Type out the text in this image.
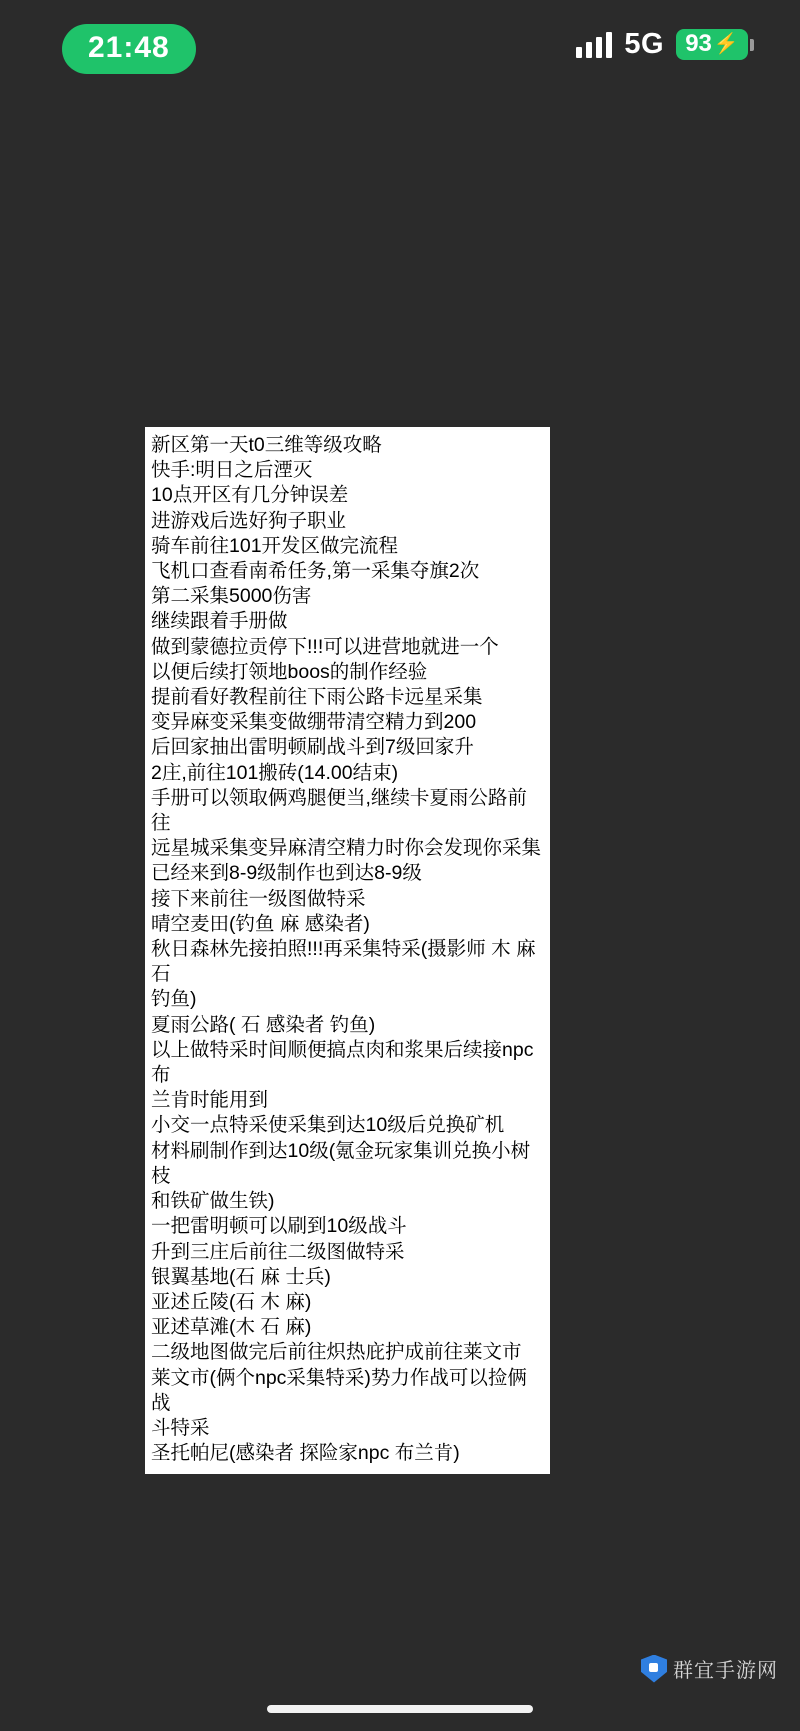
21:48	5G 93 ⚡
新区第一天t0三维等级攻略
快手:明日之后湮灭
10点开区有几分钟误差
进游戏后选好狗子职业
骑车前往101开发区做完流程
飞机口查看南希任务,第一采集夺旗2次
第二采集5000伤害
继续跟着手册做
做到蒙德拉贡停下!!!可以进营地就进一个
以便后续打领地boos的制作经验
提前看好教程前往下雨公路卡远星采集
变异麻变采集变做绷带清空精力到200
后回家抽出雷明顿刷战斗到7级回家升
2庄,前往101搬砖(14.00结束)
手册可以领取俩鸡腿便当,继续卡夏雨公路前往
远星城采集变异麻清空精力时你会发现你采集
已经来到8-9级制作也到达8-9级
接下来前往一级图做特采
晴空麦田(钓鱼 麻 感染者)
秋日森林先接拍照!!!再采集特采(摄影师 木 麻 石
钓鱼)
夏雨公路( 石 感染者 钓鱼)
以上做特采时间顺便搞点肉和浆果后续接npc布
兰肯时能用到
小交一点特采使采集到达10级后兑换矿机
材料刷制作到达10级(氪金玩家集训兑换小树枝
和铁矿做生铁)
一把雷明顿可以刷到10级战斗
升到三庄后前往二级图做特采
银翼基地(石 麻 士兵)
亚述丘陵(石 木 麻)
亚述草滩(木 石 麻)
二级地图做完后前往炽热庇护成前往莱文市
莱文市(俩个npc采集特采)势力作战可以捡俩战
斗特采
圣托帕尼(感染者 探险家npc 布兰肯)
群宜手游网
